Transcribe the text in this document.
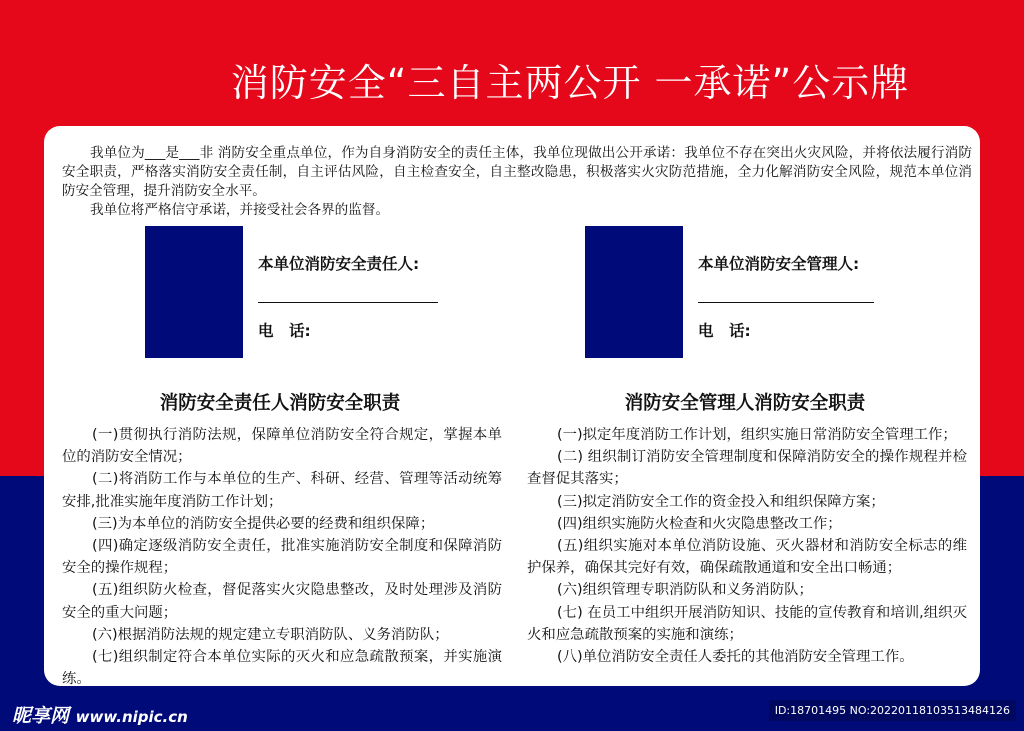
消防安全“三自主两公开 一承诺”公示牌

我单位为___是___非 消防安全重点单位，作为自身消防安全的责任主体，我单位现做出公开承诺：我单位不存在突出火灾风险，并将依法履行消防安全职责，严格落实消防安全责任制，自主评估风险，自主检查安全，自主整改隐患，积极落实火灾防范措施，全力化解消防安全风险，规范本单位消防安全管理，提升消防安全水平。

我单位将严格信守承诺，并接受社会各界的监督。

本单位消防安全责任人:
电　话:
本单位消防安全管理人:
电　话:
消防安全责任人消防安全职责	消防安全管理人消防安全职责

(一)贯彻执行消防法规，保障单位消防安全符合规定，掌握本单位的消防安全情况；

(二)将消防工作与本单位的生产、科研、经营、管理等活动统筹安排,批准实施年度消防工作计划；

(三)为本单位的消防安全提供必要的经费和组织保障；

(四)确定逐级消防安全责任，批准实施消防安全制度和保障消防安全的操作规程；

(五)组织防火检查，督促落实火灾隐患整改，及时处理涉及消防安全的重大问题；

(六)根据消防法规的规定建立专职消防队、义务消防队；

(七)组织制定符合本单位实际的灭火和应急疏散预案，并实施演练。

(一)拟定年度消防工作计划，组织实施日常消防安全管理工作；

(二) 组织制订消防安全管理制度和保障消防安全的操作规程并检查督促其落实；

(三)拟定消防安全工作的资金投入和组织保障方案；

(四)组织实施防火检查和火灾隐患整改工作；

(五)组织实施对本单位消防设施、灭火器材和消防安全标志的维护保养，确保其完好有效，确保疏散通道和安全出口畅通；

(六)组织管理专职消防队和义务消防队；

(七) 在员工中组织开展消防知识、技能的宣传教育和培训,组织灭火和应急疏散预案的实施和演练；

(八)单位消防安全责任人委托的其他消防安全管理工作。

昵享网 www.nipic.cn	ID:18701495 NO:20220118103513484126
